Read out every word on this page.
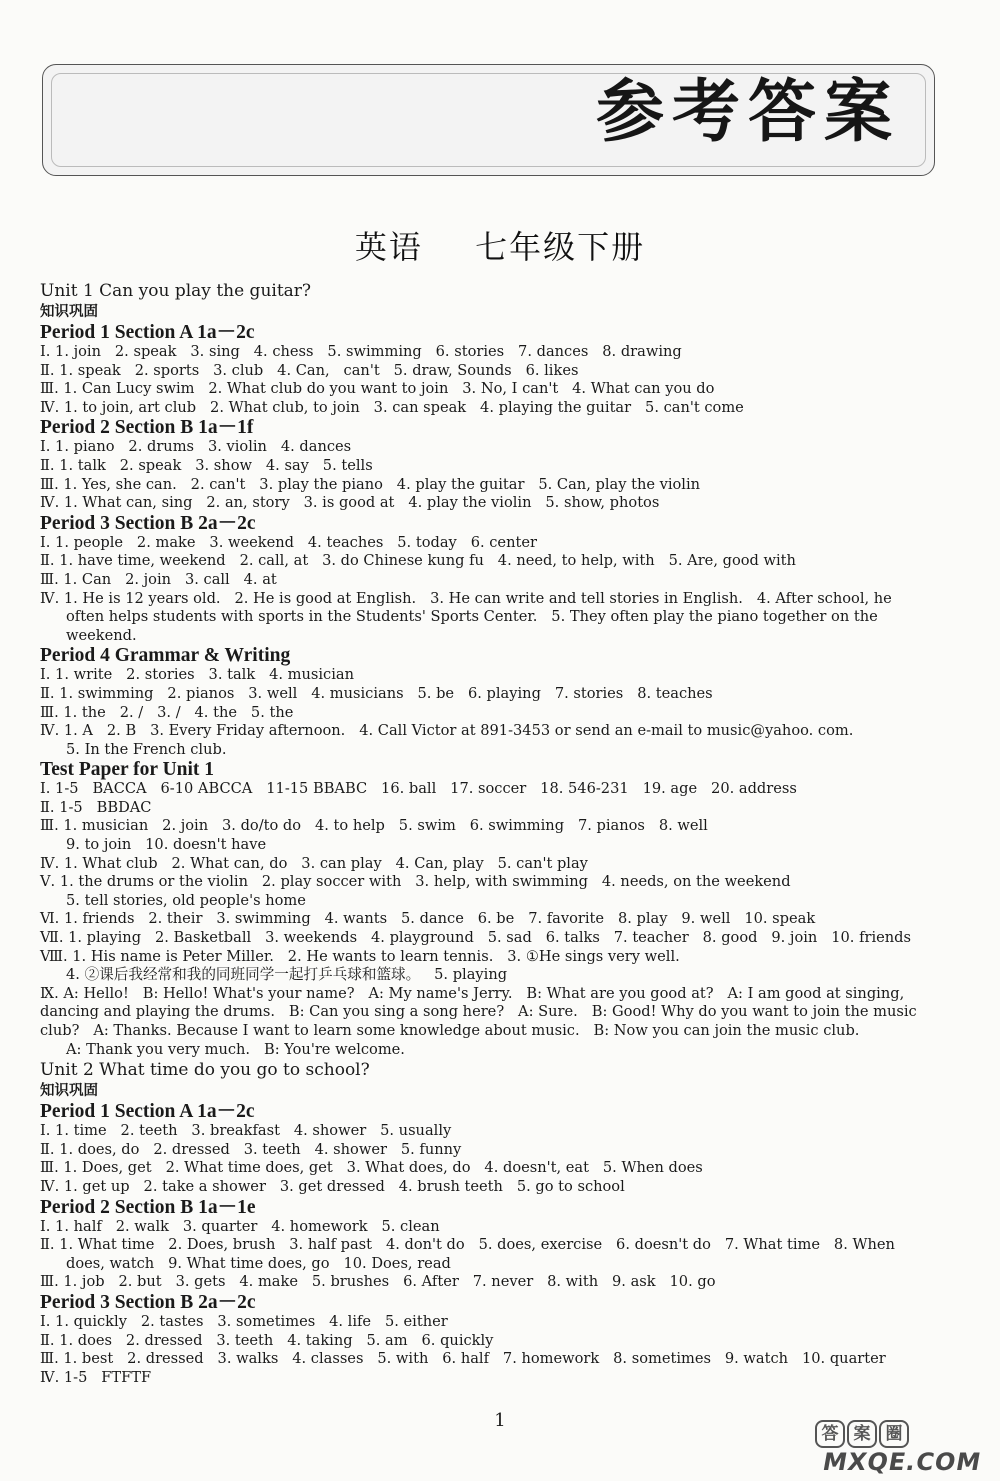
参考答案
英语 七年级下册
Unit 1 Can you play the guitar?
知识巩固
Period 1 Section A 1a－2c
Ⅰ. 1. join   2. speak   3. sing   4. chess   5. swimming   6. stories   7. dances   8. drawing
Ⅱ. 1. speak   2. sports   3. club   4. Can,   can't   5. draw, Sounds   6. likes
Ⅲ. 1. Can Lucy swim   2. What club do you want to join   3. No, I can't   4. What can you do
Ⅳ. 1. to join, art club   2. What club, to join   3. can speak   4. playing the guitar   5. can't come
Period 2 Section B 1a－1f
Ⅰ. 1. piano   2. drums   3. violin   4. dances
Ⅱ. 1. talk   2. speak   3. show   4. say   5. tells
Ⅲ. 1. Yes, she can.   2. can't   3. play the piano   4. play the guitar   5. Can, play the violin
Ⅳ. 1. What can, sing   2. an, story   3. is good at   4. play the violin   5. show, photos
Period 3 Section B 2a－2c
Ⅰ. 1. people   2. make   3. weekend   4. teaches   5. today   6. center
Ⅱ. 1. have time, weekend   2. call, at   3. do Chinese kung fu   4. need, to help, with   5. Are, good with
Ⅲ. 1. Can   2. join   3. call   4. at
Ⅳ. 1. He is 12 years old.   2. He is good at English.   3. He can write and tell stories in English.   4. After school, he
often helps students with sports in the Students' Sports Center.   5. They often play the piano together on the weekend.
Period 4 Grammar & Writing
Ⅰ. 1. write   2. stories   3. talk   4. musician
Ⅱ. 1. swimming   2. pianos   3. well   4. musicians   5. be   6. playing   7. stories   8. teaches
Ⅲ. 1. the   2. /   3. /   4. the   5. the
Ⅳ. 1. A   2. B   3. Every Friday afternoon.   4. Call Victor at 891-3453 or send an e-mail to music@yahoo. com.
5. In the French club.
Test Paper for Unit 1
Ⅰ. 1-5   BACCA   6-10 ABCCA   11-15 BBABC   16. ball   17. soccer   18. 546-231   19. age   20. address
Ⅱ. 1-5   BBDAC
Ⅲ. 1. musician   2. join   3. do/to do   4. to help   5. swim   6. swimming   7. pianos   8. well
9. to join   10. doesn't have
Ⅳ. 1. What club   2. What can, do   3. can play   4. Can, play   5. can't play
Ⅴ. 1. the drums or the violin   2. play soccer with   3. help, with swimming   4. needs, on the weekend
5. tell stories, old people's home
Ⅵ. 1. friends   2. their   3. swimming   4. wants   5. dance   6. be   7. favorite   8. play   9. well   10. speak
Ⅶ. 1. playing   2. Basketball   3. weekends   4. playground   5. sad   6. talks   7. teacher   8. good   9. join   10. friends
Ⅷ. 1. His name is Peter Miller.   2. He wants to learn tennis.   3. ①He sings very well.
4. ②课后我经常和我的同班同学一起打乒乓球和篮球。   5. playing
Ⅸ. A: Hello!   B: Hello! What's your name?   A: My name's Jerry.   B: What are you good at?   A: I am good at singing,
dancing and playing the drums.   B: Can you sing a song here?   A: Sure.   B: Good! Why do you want to join the music
club?   A: Thanks. Because I want to learn some knowledge about music.   B: Now you can join the music club.
A: Thank you very much.   B: You're welcome.
Unit 2 What time do you go to school?
知识巩固
Period 1 Section A 1a－2c
Ⅰ. 1. time   2. teeth   3. breakfast   4. shower   5. usually
Ⅱ. 1. does, do   2. dressed   3. teeth   4. shower   5. funny
Ⅲ. 1. Does, get   2. What time does, get   3. What does, do   4. doesn't, eat   5. When does
Ⅳ. 1. get up   2. take a shower   3. get dressed   4. brush teeth   5. go to school
Period 2 Section B 1a－1e
Ⅰ. 1. half   2. walk   3. quarter   4. homework   5. clean
Ⅱ. 1. What time   2. Does, brush   3. half past   4. don't do   5. does, exercise   6. doesn't do   7. What time   8. When
does, watch   9. What time does, go   10. Does, read
Ⅲ. 1. job   2. but   3. gets   4. make   5. brushes   6. After   7. never   8. with   9. ask   10. go
Period 3 Section B 2a－2c
Ⅰ. 1. quickly   2. tastes   3. sometimes   4. life   5. either
Ⅱ. 1. does   2. dressed   3. teeth   4. taking   5. am   6. quickly
Ⅲ. 1. best   2. dressed   3. walks   4. classes   5. with   6. half   7. homework   8. sometimes   9. watch   10. quarter
Ⅳ. 1-5   FTFTF
1
答 案 圈
MXQE.COM
